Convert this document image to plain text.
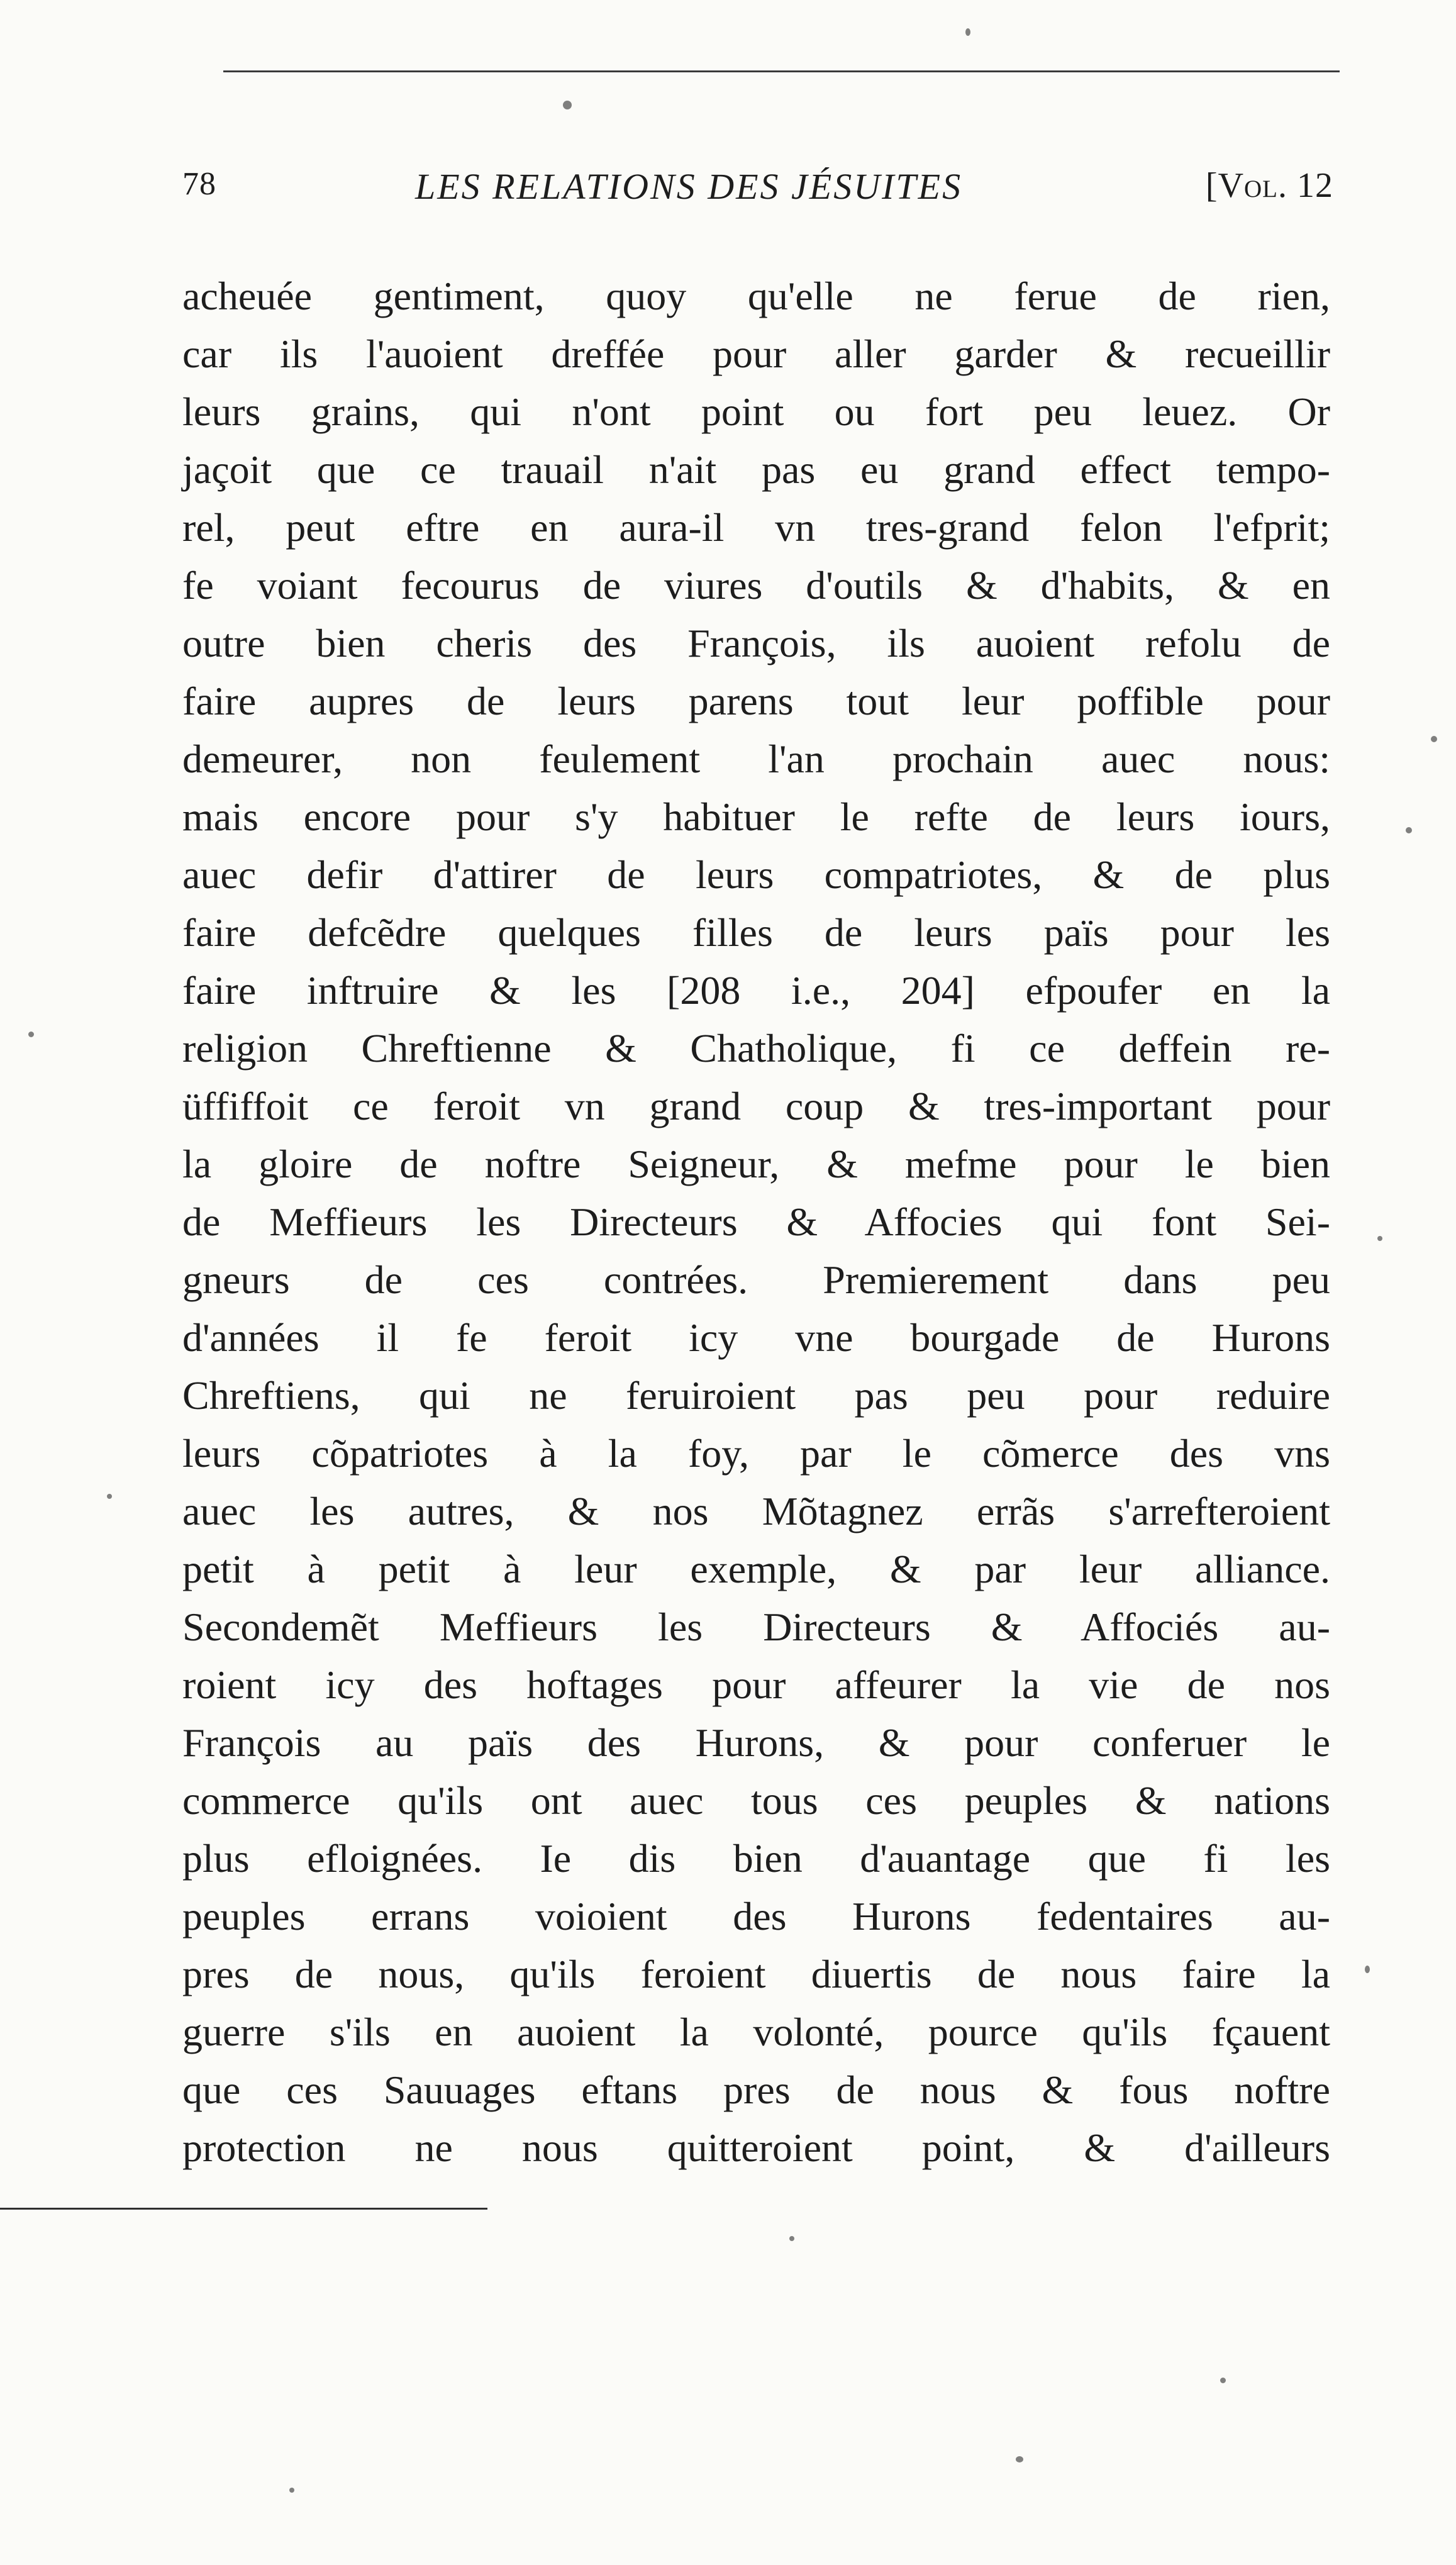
78	LES RELATIONS DES JÉSUITES	[Vol. 12
acheuée gentiment, quoy qu'elle ne ferue de rien,
car ils l'auoient dreffée pour aller garder & recueillir
leurs grains, qui n'ont point ou fort peu leuez. Or
jaçoit que ce trauail n'ait pas eu grand effect tempo-
rel, peut eftre en aura-il vn tres-grand felon l'efprit;
fe voiant fecourus de viures d'outils & d'habits, & en
outre bien cheris des François, ils auoient refolu de
faire aupres de leurs parens tout leur poffible pour
demeurer, non feulement l'an prochain auec nous:
mais encore pour s'y habituer le refte de leurs iours,
auec defir d'attirer de leurs compatriotes, & de plus
faire defcẽdre quelques filles de leurs païs pour les
faire inftruire & les [208 i.e., 204] efpoufer en la
religion Chreftienne & Chatholique, fi ce deffein re-
üffiffoit ce feroit vn grand coup & tres-important pour
la gloire de noftre Seigneur, & mefme pour le bien
de Meffieurs les Directeurs & Affocies qui font Sei-
gneurs de ces contrées. Premierement dans peu
d'années il fe feroit icy vne bourgade de Hurons
Chreftiens, qui ne feruiroient pas peu pour reduire
leurs cõpatriotes à la foy, par le cõmerce des vns
auec les autres, & nos Mõtagnez errãs s'arrefteroient
petit à petit à leur exemple, & par leur alliance.
Secondemẽt Meffieurs les Directeurs & Affociés au-
roient icy des hoftages pour affeurer la vie de nos
François au païs des Hurons, & pour conferuer le
commerce qu'ils ont auec tous ces peuples & nations
plus efloignées. Ie dis bien d'auantage que fi les
peuples errans voioient des Hurons fedentaires au-
pres de nous, qu'ils feroient diuertis de nous faire la
guerre s'ils en auoient la volonté, pource qu'ils fçauent
que ces Sauuages eftans pres de nous & fous noftre
protection ne nous quitteroient point, & d'ailleurs
